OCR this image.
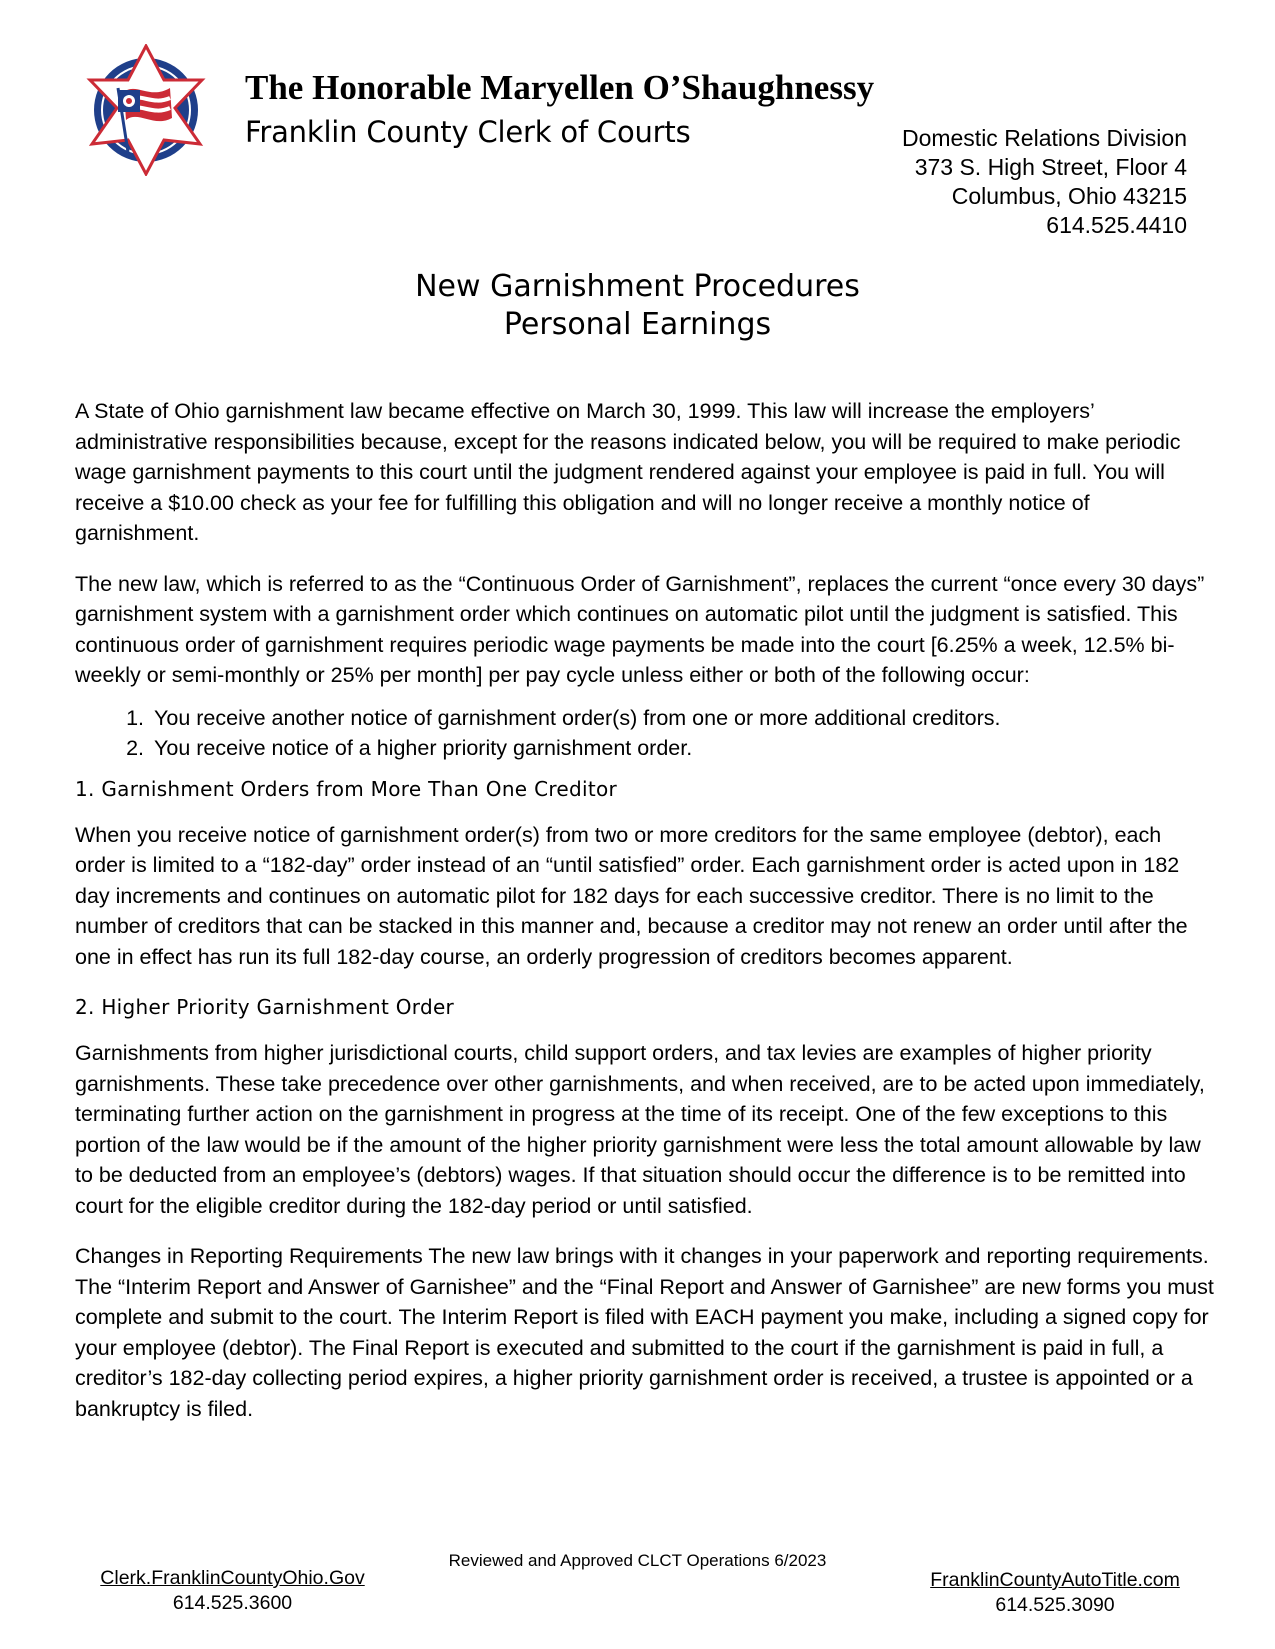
The Honorable Maryellen O’Shaughnessy

Franklin County Clerk of Courts	Domestic Relations Division
373 S. High Street, Floor 4
Columbus, Ohio 43215
614.525.4410
New Garnishment Procedures
Personal Earnings

A State of Ohio garnishment law became effective on March 30, 1999. This law will increase the employers’ administrative responsibilities because, except for the reasons indicated below, you will be required to make periodic wage garnishment payments to this court until the judgment rendered against your employee is paid in full. You will receive a $10.00 check as your fee for fulfilling this obligation and will no longer receive a monthly notice of garnishment.

The new law, which is referred to as the “Continuous Order of Garnishment”, replaces the current “once every 30 days” garnishment system with a garnishment order which continues on automatic pilot until the judgment is satisfied. This continuous order of garnishment requires periodic wage payments be made into the court [6.25% a week, 12.5% bi-weekly or semi-monthly or 25% per month] per pay cycle unless either or both of the following occur:

1. You receive another notice of garnishment order(s) from one or more additional creditors.
2. You receive notice of a higher priority garnishment order.
1. Garnishment Orders from More Than One Creditor

When you receive notice of garnishment order(s) from two or more creditors for the same employee (debtor), each order is limited to a “182-day” order instead of an “until satisfied” order. Each garnishment order is acted upon in 182 day increments and continues on automatic pilot for 182 days for each successive creditor. There is no limit to the number of creditors that can be stacked in this manner and, because a creditor may not renew an order until after the one in effect has run its full 182-day course, an orderly progression of creditors becomes apparent.

2. Higher Priority Garnishment Order

Garnishments from higher jurisdictional courts, child support orders, and tax levies are examples of higher priority garnishments. These take precedence over other garnishments, and when received, are to be acted upon immediately, terminating further action on the garnishment in progress at the time of its receipt. One of the few exceptions to this portion of the law would be if the amount of the higher priority garnishment were less the total amount allowable by law to be deducted from an employee’s (debtors) wages. If that situation should occur the difference is to be remitted into court for the eligible creditor during the 182-day period or until satisfied.

Changes in Reporting Requirements The new law brings with it changes in your paperwork and reporting requirements. The “Interim Report and Answer of Garnishee” and the “Final Report and Answer of Garnishee” are new forms you must complete and submit to the court. The Interim Report is filed with EACH payment you make, including a signed copy for your employee (debtor). The Final Report is executed and submitted to the court if the garnishment is paid in full, a creditor’s 182-day collecting period expires, a higher priority garnishment order is received, a trustee is appointed or a bankruptcy is filed.

Reviewed and Approved CLCT Operations 6/2023
Clerk.FranklinCountyOhio.Gov
614.525.3600
FranklinCountyAutoTitle.com
614.525.3090
